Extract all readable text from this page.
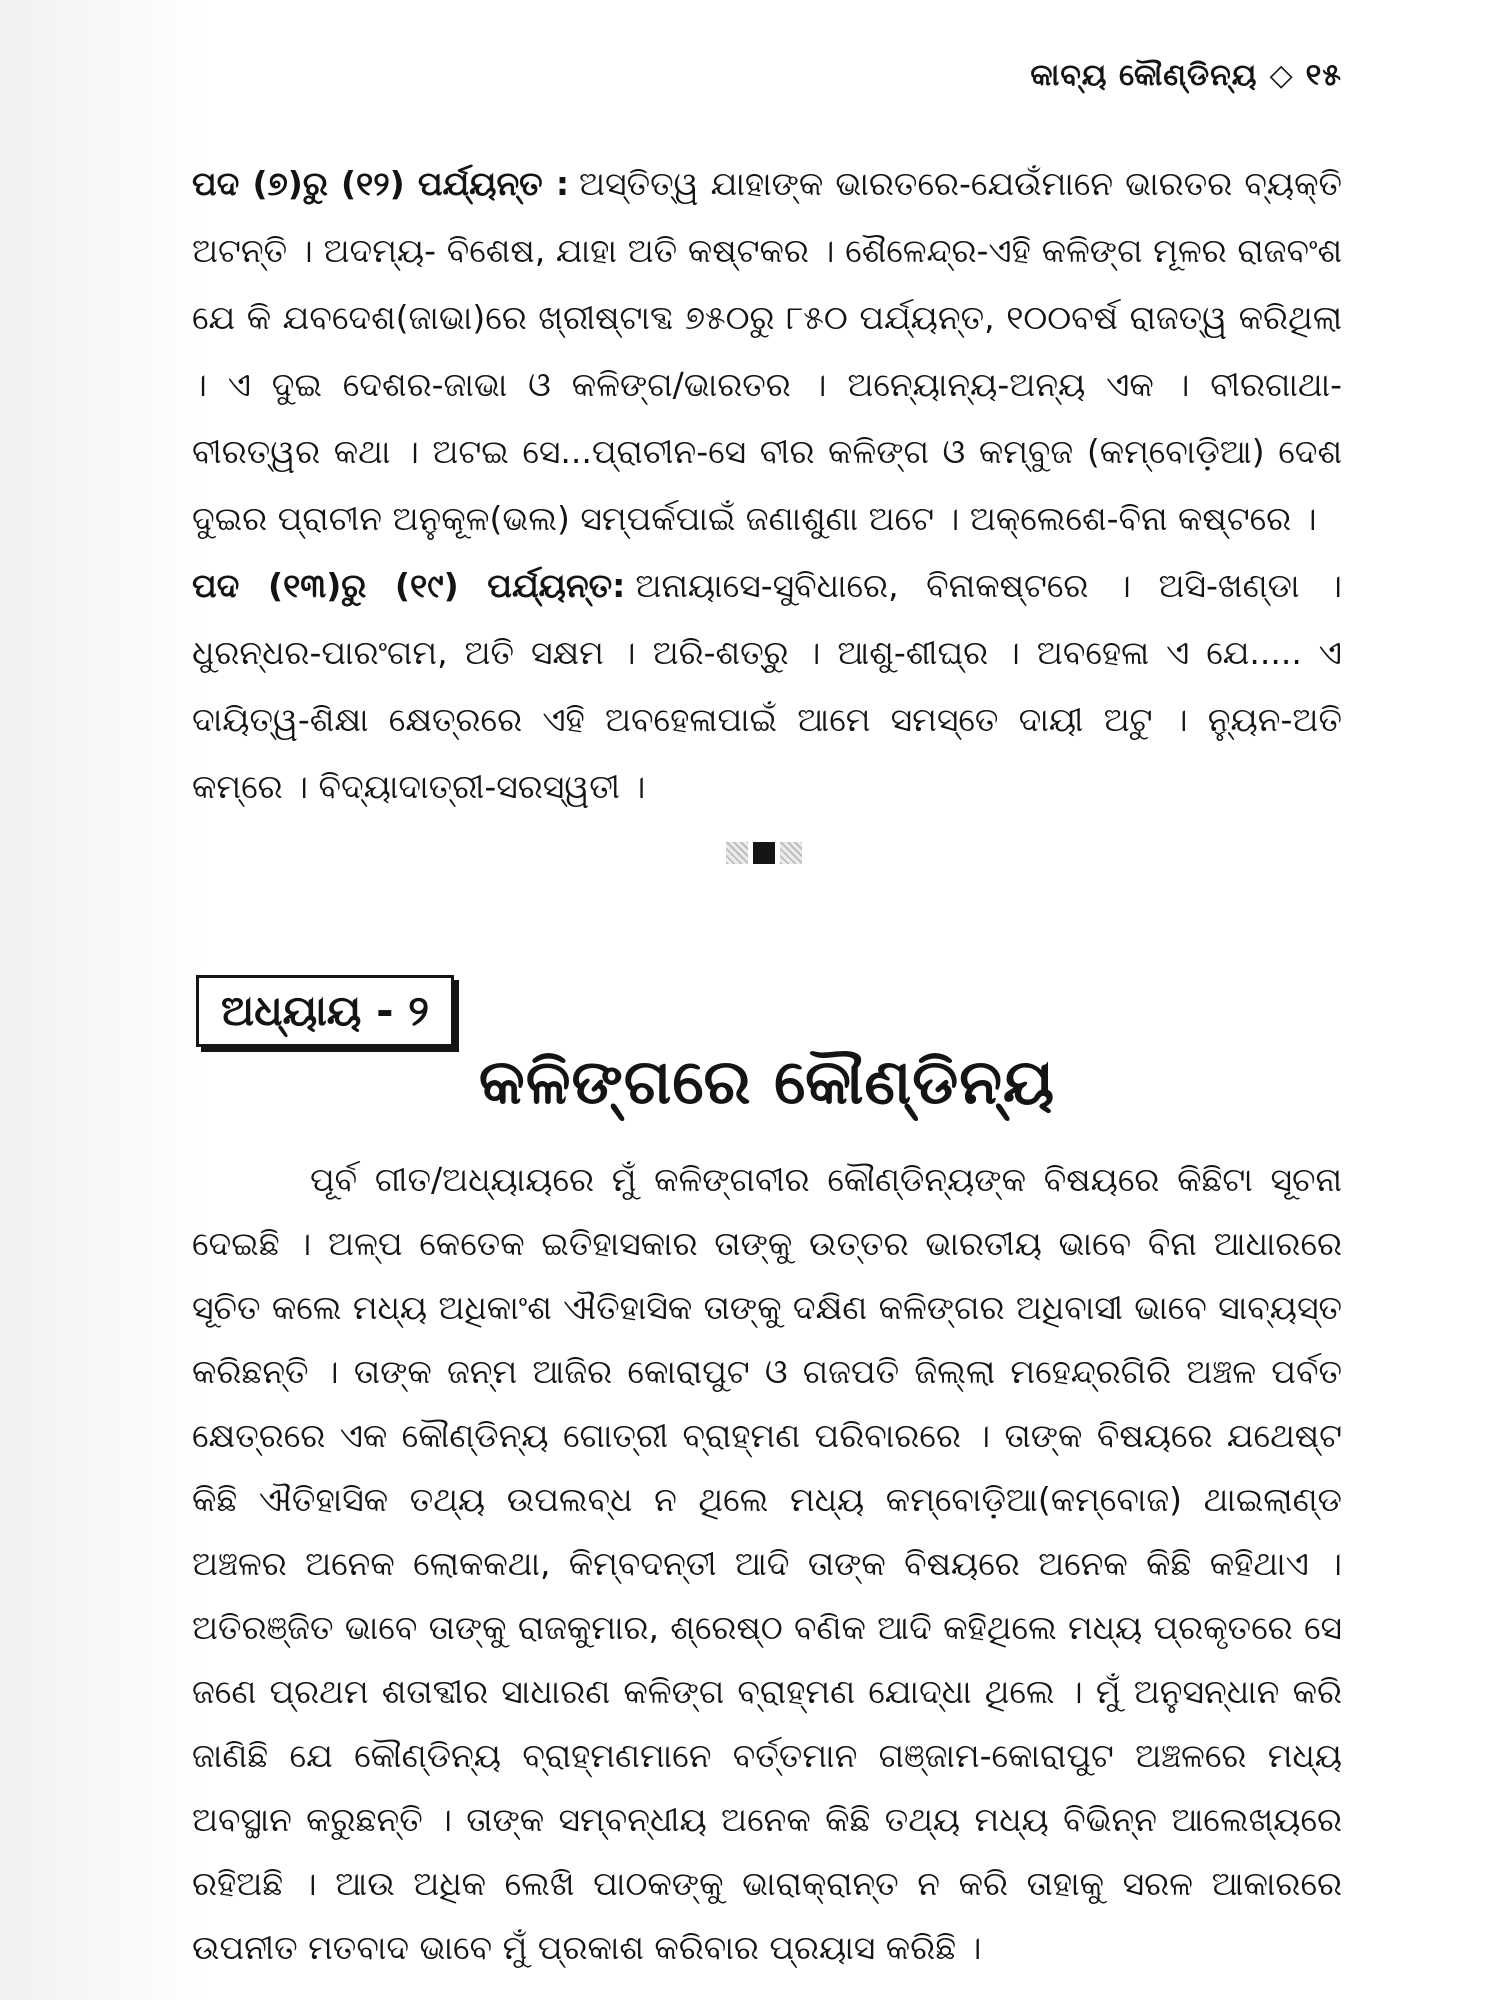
କାବ୍ୟ କୌଣ୍ଡିନ୍ୟ ◇ ୧୫

ପଦ (୭)ରୁ (୧୨) ପର୍ଯ୍ୟନ୍ତ : ଅସ୍ତିତ୍ୱ ଯାହାଙ୍କ ଭାରତରେ-ଯେଉଁମାନେ ଭାରତର ବ୍ୟକ୍ତି ଅଟନ୍ତି । ଅଦମ୍ୟ- ବିଶେଷ, ଯାହା ଅତି କଷ୍ଟକର । ଶୈଳେନ୍ଦ୍ର-ଏହି କଳିଙ୍ଗ ମୂଳର ରାଜବଂଶ ଯେ କି ଯବଦେଶ(ଜାଭା)ରେ ଖ୍ରୀଷ୍ଟାବ୍ଦ ୭୫୦ରୁ ୮୫୦ ପର୍ଯ୍ୟନ୍ତ, ୧୦୦ବର୍ଷ ରାଜତ୍ୱ କରିଥିଲା । ଏ ଦୁଇ ଦେଶର-ଜାଭା ଓ କଳିଙ୍ଗ/ଭାରତର । ଅନ୍ୟୋନ୍ୟ-ଅନ୍ୟ ଏକ । ବୀରଗାଥା-ବୀରତ୍ୱର କଥା । ଅଟଇ ସେ...ପ୍ରାଚୀନ-ସେ ବୀର କଳିଙ୍ଗ ଓ କମ୍ବୁଜ (କମ୍ବୋଡ଼ିଆ) ଦେଶ ଦୁଇର ପ୍ରାଚୀନ ଅନୁକୂଳ(ଭଲ) ସମ୍ପର୍କପାଇଁ ଜଣାଶୁଣା ଅଟେ । ଅକ୍ଲେଶେ-ବିନା କଷ୍ଟରେ ।

ପଦ (୧୩)ରୁ (୧୯) ପର୍ଯ୍ୟନ୍ତ: ଅନାୟାସେ-ସୁବିଧାରେ, ବିନାକଷ୍ଟରେ । ଅସି-ଖଣ୍ଡା । ଧୁରନ୍ଧର-ପାରଂଗମ, ଅତି ସକ୍ଷମ । ଅରି-ଶତ୍ରୁ । ଆଶୁ-ଶୀଘ୍ର । ଅବହେଳା ଏ ଯେ..... ଏ ଦାୟିତ୍ୱ-ଶିକ୍ଷା କ୍ଷେତ୍ରରେ ଏହି ଅବହେଳାପାଇଁ ଆମେ ସମସ୍ତେ ଦାୟୀ ଅଟୁ । ନ୍ୟୁନ-ଅତି କମ୍‌ରେ । ବିଦ୍ୟାଦାତ୍ରୀ-ସରସ୍ୱତୀ ।

ଅଧ୍ୟାୟ - ୨
କଳିଙ୍ଗରେ କୌଣ୍ଡିନ୍ୟ

ପୂର୍ବ ଗୀତ/ଅଧ୍ୟାୟରେ ମୁଁ କଳିଙ୍ଗବୀର କୌଣ୍ଡିନ୍ୟଙ୍କ ବିଷୟରେ କିଛିଟା ସୂଚନା ଦେଇଛି । ଅଳ୍ପ କେତେକ ଇତିହାସକାର ତାଙ୍କୁ ଉତ୍ତର ଭାରତୀୟ ଭାବେ ବିନା ଆଧାରରେ ସୂଚିତ କଲେ ମଧ୍ୟ ଅଧିକାଂଶ ଐତିହାସିକ ତାଙ୍କୁ ଦକ୍ଷିଣ କଳିଙ୍ଗର ଅଧିବାସୀ ଭାବେ ସାବ୍ୟସ୍ତ କରିଛନ୍ତି । ତାଙ୍କ ଜନ୍ମ ଆଜିର କୋରାପୁଟ ଓ ଗଜପତି ଜିଲ୍ଲା ମହେନ୍ଦ୍ରଗିରି ଅଞ୍ଚଳ ପର୍ବତ କ୍ଷେତ୍ରରେ ଏକ କୌଣ୍ଡିନ୍ୟ ଗୋତ୍ରୀ ବ୍ରାହ୍ମଣ ପରିବାରରେ । ତାଙ୍କ ବିଷୟରେ ଯଥେଷ୍ଟ କିଛି ଐତିହାସିକ ତଥ୍ୟ ଉପଲବ୍ଧ ନ ଥିଲେ ମଧ୍ୟ କମ୍ବୋଡ଼ିଆ(କମ୍ବୋଜ) ଥାଇଲାଣ୍ଡ ଅଞ୍ଚଳର ଅନେକ ଲୋକକଥା, କିମ୍ବଦନ୍ତୀ ଆଦି ତାଙ୍କ ବିଷୟରେ ଅନେକ କିଛି କହିଥାଏ । ଅତିରଞ୍ଜିତ ଭାବେ ତାଙ୍କୁ ରାଜକୁମାର, ଶ୍ରେଷ୍ଠ ବଣିକ ଆଦି କହିଥିଲେ ମଧ୍ୟ ପ୍ରକୃତରେ ସେ ଜଣେ ପ୍ରଥମ ଶତାବ୍ଦୀର ସାଧାରଣ କଳିଙ୍ଗ ବ୍ରାହ୍ମଣ ଯୋଦ୍ଧା ଥିଲେ । ମୁଁ ଅନୁସନ୍ଧାନ କରି ଜାଣିଛି ଯେ କୌଣ୍ଡିନ୍ୟ ବ୍ରାହ୍ମଣମାନେ ବର୍ତ୍ତମାନ ଗଞ୍ଜାମ-କୋରାପୁଟ ଅଞ୍ଚଳରେ ମଧ୍ୟ ଅବସ୍ଥାନ କରୁଛନ୍ତି । ତାଙ୍କ ସମ୍ବନ୍ଧୀୟ ଅନେକ କିଛି ତଥ୍ୟ ମଧ୍ୟ ବିଭିନ୍ନ ଆଲେଖ୍ୟରେ ରହିଅଛି । ଆଉ ଅଧିକ ଲେଖି ପାଠକଙ୍କୁ ଭାରାକ୍ରାନ୍ତ ନ କରି ତାହାକୁ ସରଳ ଆକାରରେ ଉପନୀତ ମତବାଦ ଭାବେ ମୁଁ ପ୍ରକାଶ କରିବାର ପ୍ରୟାସ କରିଛି ।
